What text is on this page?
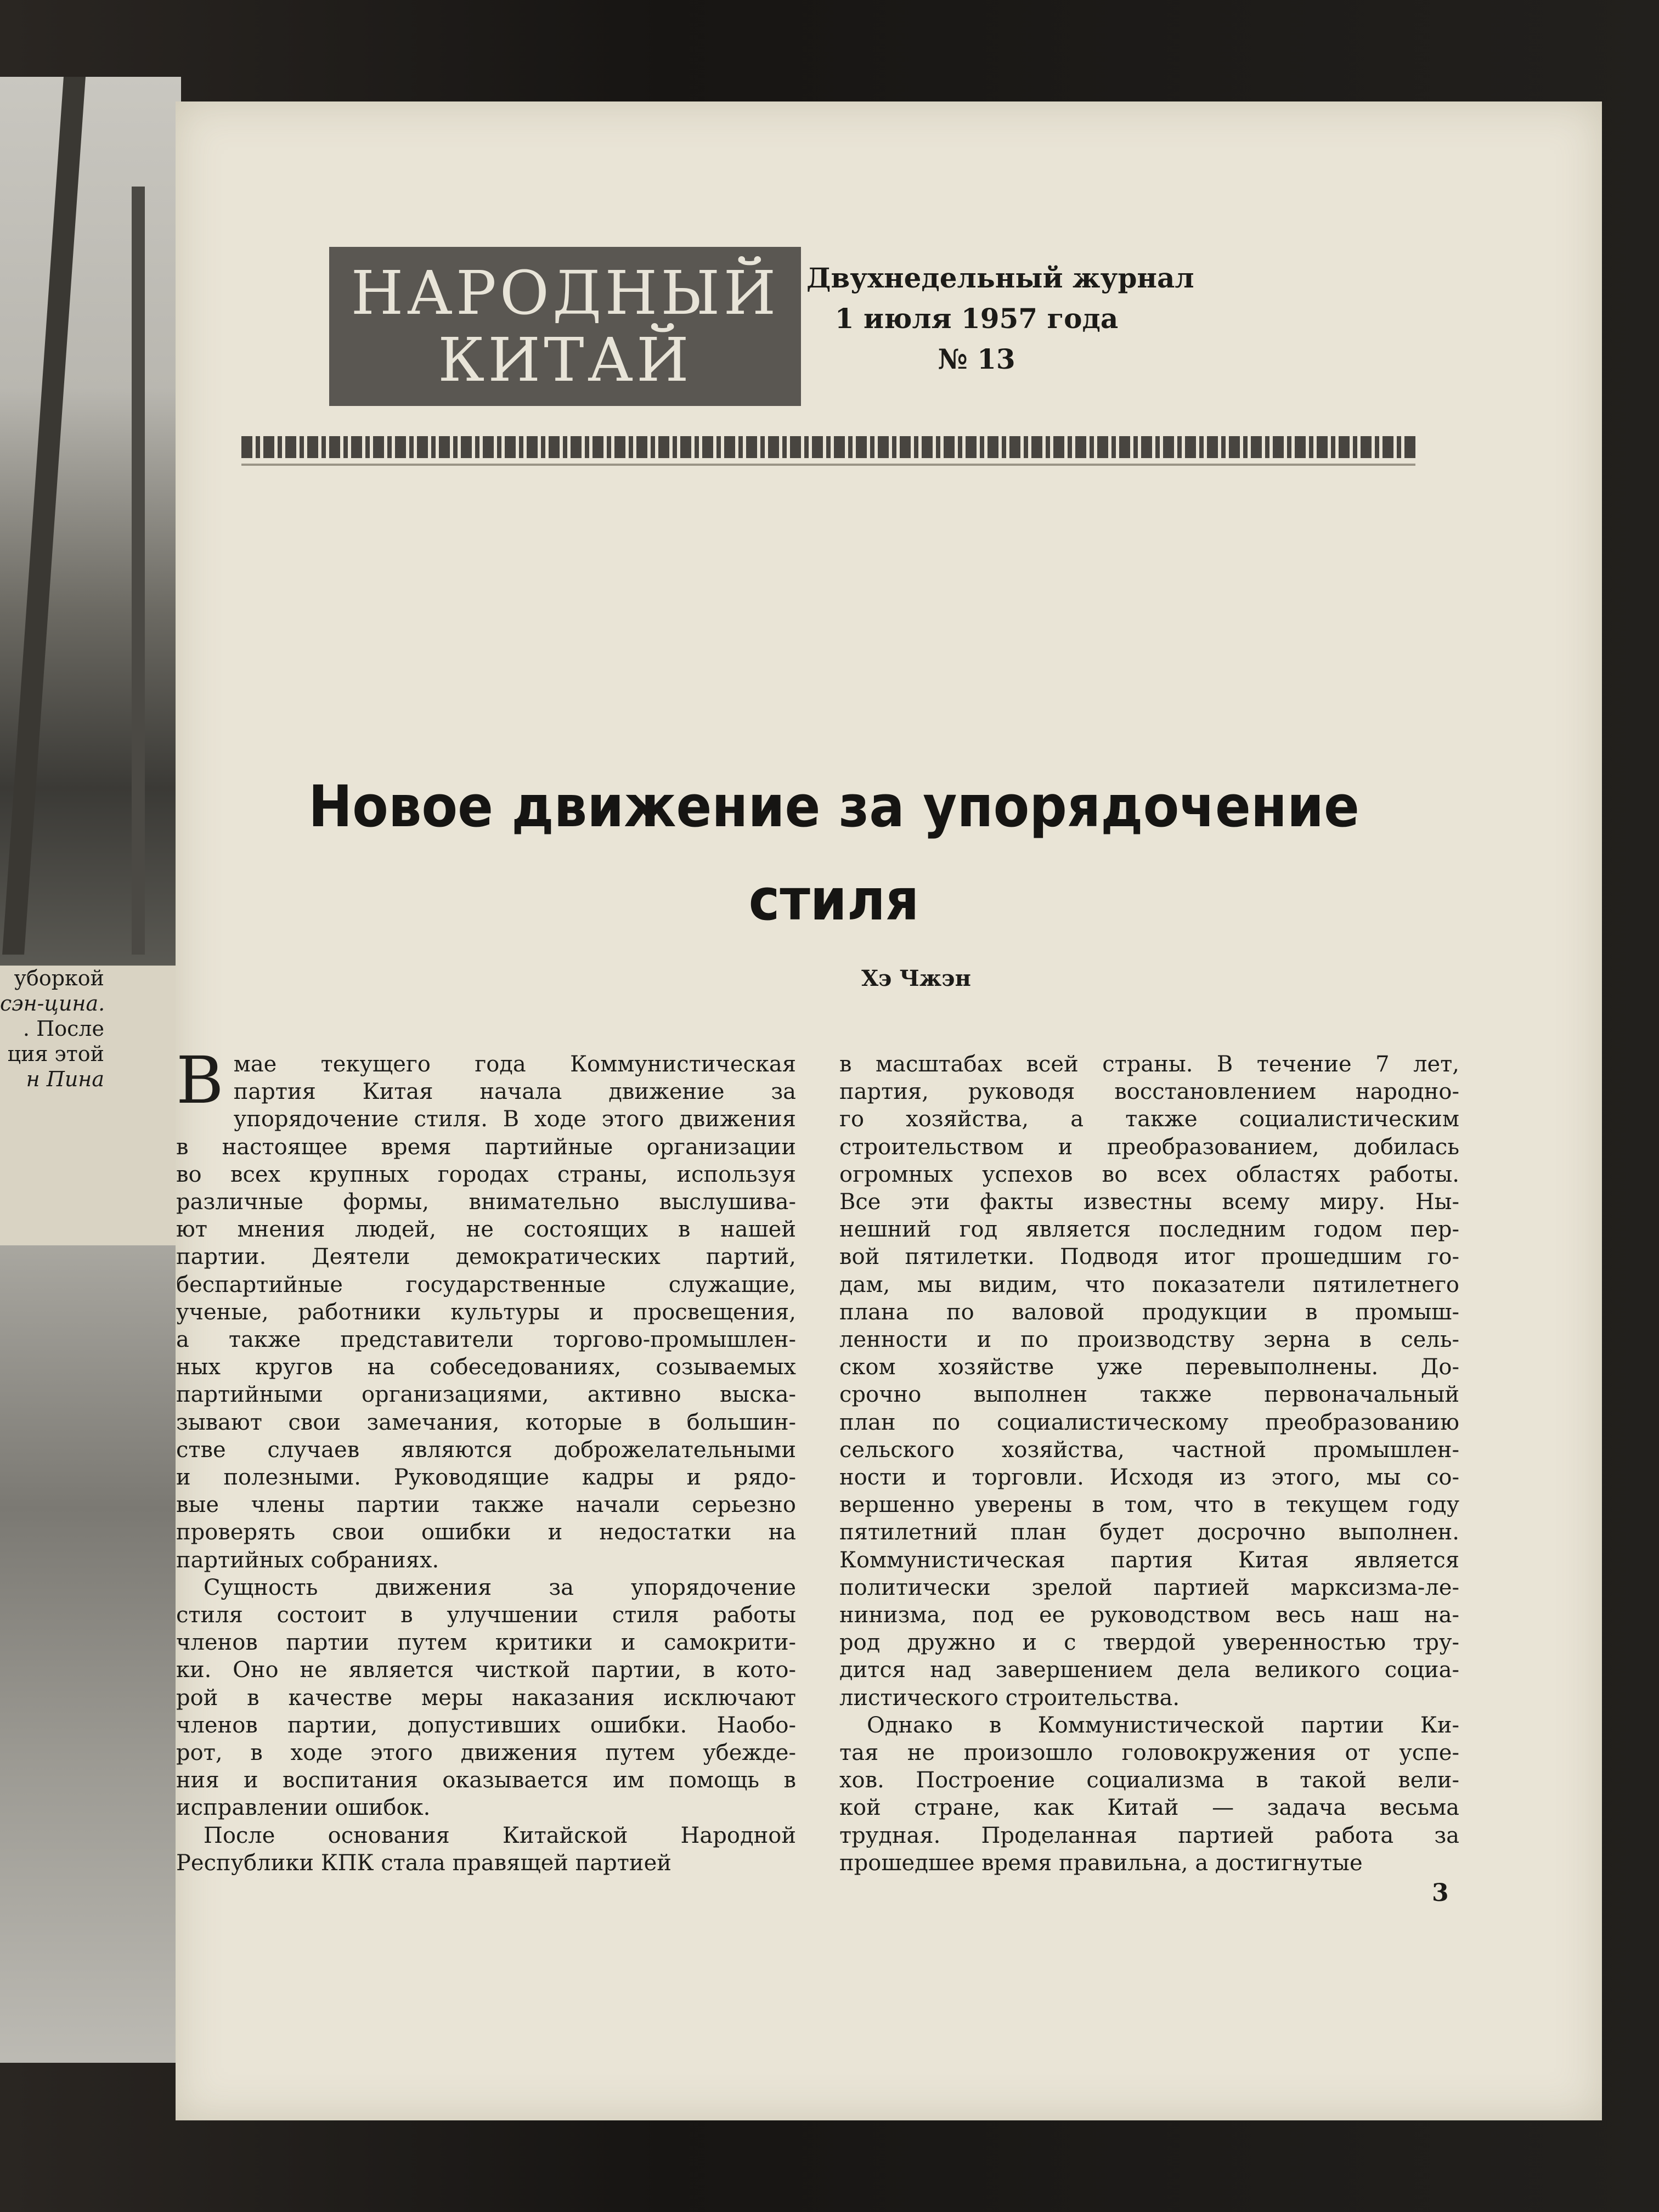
уборкой
сэн-цина.
. После
ция этой
н Пина
НАРОДНЫЙ
КИТАЙ
Двухнедельный журнал
1 июля 1957 года
№ 13
Новое движение за упорядочение
стиля
Хэ Чжэн
В мае текущего года Коммунистическая
партия Китая начала движение за
упорядочение стиля. В ходе этого движения
в настоящее время партийные организации
во всех крупных городах страны, используя
различные формы, внимательно выслушива-
ют мнения людей, не состоящих в нашей
партии. Деятели демократических партий,
беспартийные государственные служащие,
ученые, работники культуры и просвещения,
а также представители торгово-промышлен-
ных кругов на собеседованиях, созываемых
партийными организациями, активно выска-
зывают свои замечания, которые в большин-
стве случаев являются доброжелательными
и полезными. Руководящие кадры и рядо-
вые члены партии также начали серьезно
проверять свои ошибки и недостатки на
партийных собраниях.
Сущность движения за упорядочение
стиля состоит в улучшении стиля работы
членов партии путем критики и самокрити-
ки. Оно не является чисткой партии, в кото-
рой в качестве меры наказания исключают
членов партии, допустивших ошибки. Наобо-
рот, в ходе этого движения путем убежде-
ния и воспитания оказывается им помощь в
исправлении ошибок.
После основания Китайской Народной
Республики КПК стала правящей партией
в масштабах всей страны. В течение 7 лет,
партия, руководя восстановлением народно-
го хозяйства, а также социалистическим
строительством и преобразованием, добилась
огромных успехов во всех областях работы.
Все эти факты известны всему миру. Ны-
нешний год является последним годом пер-
вой пятилетки. Подводя итог прошедшим го-
дам, мы видим, что показатели пятилетнего
плана по валовой продукции в промыш-
ленности и по производству зерна в сель-
ском хозяйстве уже перевыполнены. До-
срочно выполнен также первоначальный
план по социалистическому преобразованию
сельского хозяйства, частной промышлен-
ности и торговли. Исходя из этого, мы со-
вершенно уверены в том, что в текущем году
пятилетний план будет досрочно выполнен.
Коммунистическая партия Китая является
политически зрелой партией марксизма-ле-
нинизма, под ее руководством весь наш на-
род дружно и с твердой уверенностью тру-
дится над завершением дела великого социа-
листического строительства.
Однако в Коммунистической партии Ки-
тая не произошло головокружения от успе-
хов. Построение социализма в такой вели-
кой стране, как Китай — задача весьма
трудная. Проделанная партией работа за
прошедшее время правильна, а достигнутые
3
